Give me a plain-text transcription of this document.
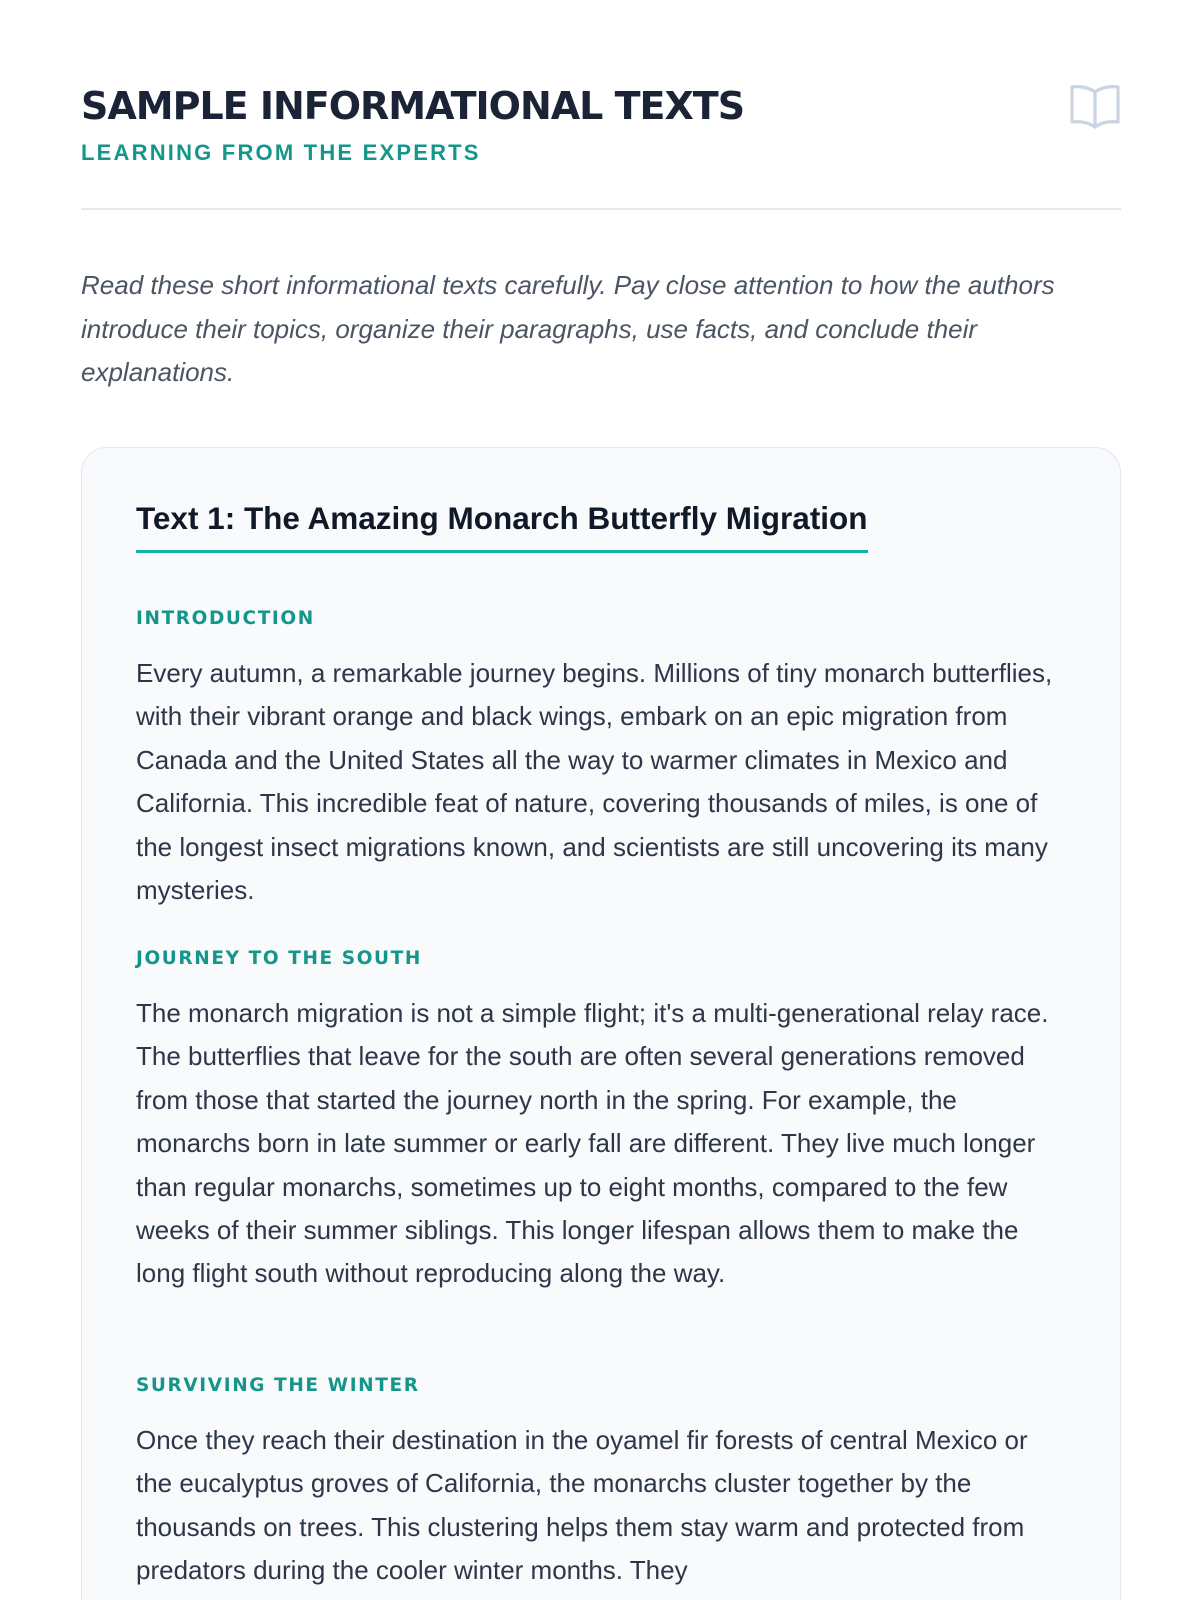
SAMPLE INFORMATIONAL TEXTS

LEARNING FROM THE EXPERTS

Read these short informational texts carefully. Pay close attention to how the authors introduce their topics, organize their paragraphs, use facts, and conclude their explanations.

Text 1: The Amazing Monarch Butterfly Migration
INTRODUCTION

Every autumn, a remarkable journey begins. Millions of tiny monarch butterflies, with their vibrant orange and black wings, embark on an epic migration from Canada and the United States all the way to warmer climates in Mexico and California. This incredible feat of nature, covering thousands of miles, is one of the longest insect migrations known, and scientists are still uncovering its many mysteries.

JOURNEY TO THE SOUTH

The monarch migration is not a simple flight; it's a multi-generational relay race. The butterflies that leave for the south are often several generations removed from those that started the journey north in the spring. For example, the monarchs born in late summer or early fall are different. They live much longer than regular monarchs, sometimes up to eight months, compared to the few weeks of their summer siblings. This longer lifespan allows them to make the long flight south without reproducing along the way.

SURVIVING THE WINTER

Once they reach their destination in the oyamel fir forests of central Mexico or the eucalyptus groves of California, the monarchs cluster together by the thousands on trees. This clustering helps them stay warm and protected from predators during the cooler winter months. They
